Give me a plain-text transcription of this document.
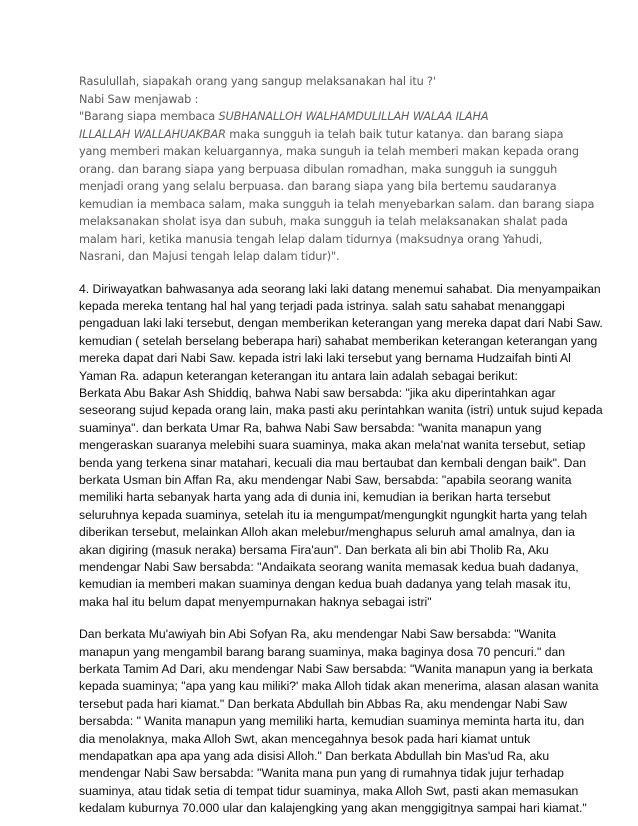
Rasulullah, siapakah orang yang sangup melaksanakan hal itu ?'
Nabi Saw menjawab :
"Barang siapa membaca SUBHANALLOH WALHAMDULILLAH WALAA ILAHA
ILLALLAH WALLAHUAKBAR maka sungguh ia telah baik tutur katanya. dan barang siapa
yang memberi makan keluargannya, maka sunguh ia telah memberi makan kepada orang
orang. dan barang siapa yang berpuasa dibulan romadhan, maka sungguh ia sungguh
menjadi orang yang selalu berpuasa. dan barang siapa yang bila bertemu saudaranya
kemudian ia membaca salam, maka sungguh ia telah menyebarkan salam. dan barang siapa
melaksanakan sholat isya dan subuh, maka sungguh ia telah melaksanakan shalat pada
malam hari, ketika manusia tengah lelap dalam tidurnya (maksudnya orang Yahudi,
Nasrani, dan Majusi tengah lelap dalam tidur)".
4. Diriwayatkan bahwasanya ada seorang laki laki datang menemui sahabat. Dia menyampaikan
kepada mereka tentang hal hal yang terjadi pada istrinya. salah satu sahabat menanggapi
pengaduan laki laki tersebut, dengan memberikan keterangan yang mereka dapat dari Nabi Saw.
kemudian ( setelah berselang beberapa hari) sahabat memberikan keterangan keterangan yang
mereka dapat dari Nabi Saw. kepada istri laki laki tersebut yang bernama Hudzaifah binti Al
Yaman Ra. adapun keterangan keterangan itu antara lain adalah sebagai berikut:
Berkata Abu Bakar Ash Shiddiq, bahwa Nabi saw bersabda: "jika aku diperintahkan agar
seseorang sujud kepada orang lain, maka pasti aku perintahkan wanita (istri) untuk sujud kepada
suaminya". dan berkata Umar Ra, bahwa Nabi Saw bersabda: "wanita manapun yang
mengeraskan suaranya melebihi suara suaminya, maka akan mela'nat wanita tersebut, setiap
benda yang terkena sinar matahari, kecuali dia mau bertaubat dan kembali dengan baik". Dan
berkata Usman bin Affan Ra, aku mendengar Nabi Saw, bersabda: "apabila seorang wanita
memiliki harta sebanyak harta yang ada di dunia ini, kemudian ia berikan harta tersebut
seluruhnya kepada suaminya, setelah itu ia mengumpat/mengungkit ngungkit harta yang telah
diberikan tersebut, melainkan Alloh akan melebur/menghapus seluruh amal amalnya, dan ia
akan digiring (masuk neraka) bersama Fira'aun". Dan berkata ali bin abi Tholib Ra, Aku
mendengar Nabi Saw bersabda: "Andaikata seorang wanita memasak kedua buah dadanya,
kemudian ia memberi makan suaminya dengan kedua buah dadanya yang telah masak itu,
maka hal itu belum dapat menyempurnakan haknya sebagai istri"
Dan berkata Mu'awiyah bin Abi Sofyan Ra, aku mendengar Nabi Saw bersabda: "Wanita
manapun yang mengambil barang barang suaminya, maka baginya dosa 70 pencuri." dan
berkata Tamim Ad Dari, aku mendengar Nabi Saw bersabda: "Wanita manapun yang ia berkata
kepada suaminya; "apa yang kau miliki?' maka Alloh tidak akan menerima, alasan alasan wanita
tersebut pada hari kiamat." Dan berkata Abdullah bin Abbas Ra, aku mendengar Nabi Saw
bersabda: " Wanita manapun yang memiliki harta, kemudian suaminya meminta harta itu, dan
dia menolaknya, maka Alloh Swt, akan mencegahnya besok pada hari kiamat untuk
mendapatkan apa apa yang ada disisi Alloh." Dan berkata Abdullah bin Mas'ud Ra, aku
mendengar Nabi Saw bersabda: "Wanita mana pun yang di rumahnya tidak jujur terhadap
suaminya, atau tidak setia di tempat tidur suaminya, maka Alloh Swt, pasti akan memasukan
kedalam kuburnya 70.000 ular dan kalajengking yang akan menggigitnya sampai hari kiamat."
